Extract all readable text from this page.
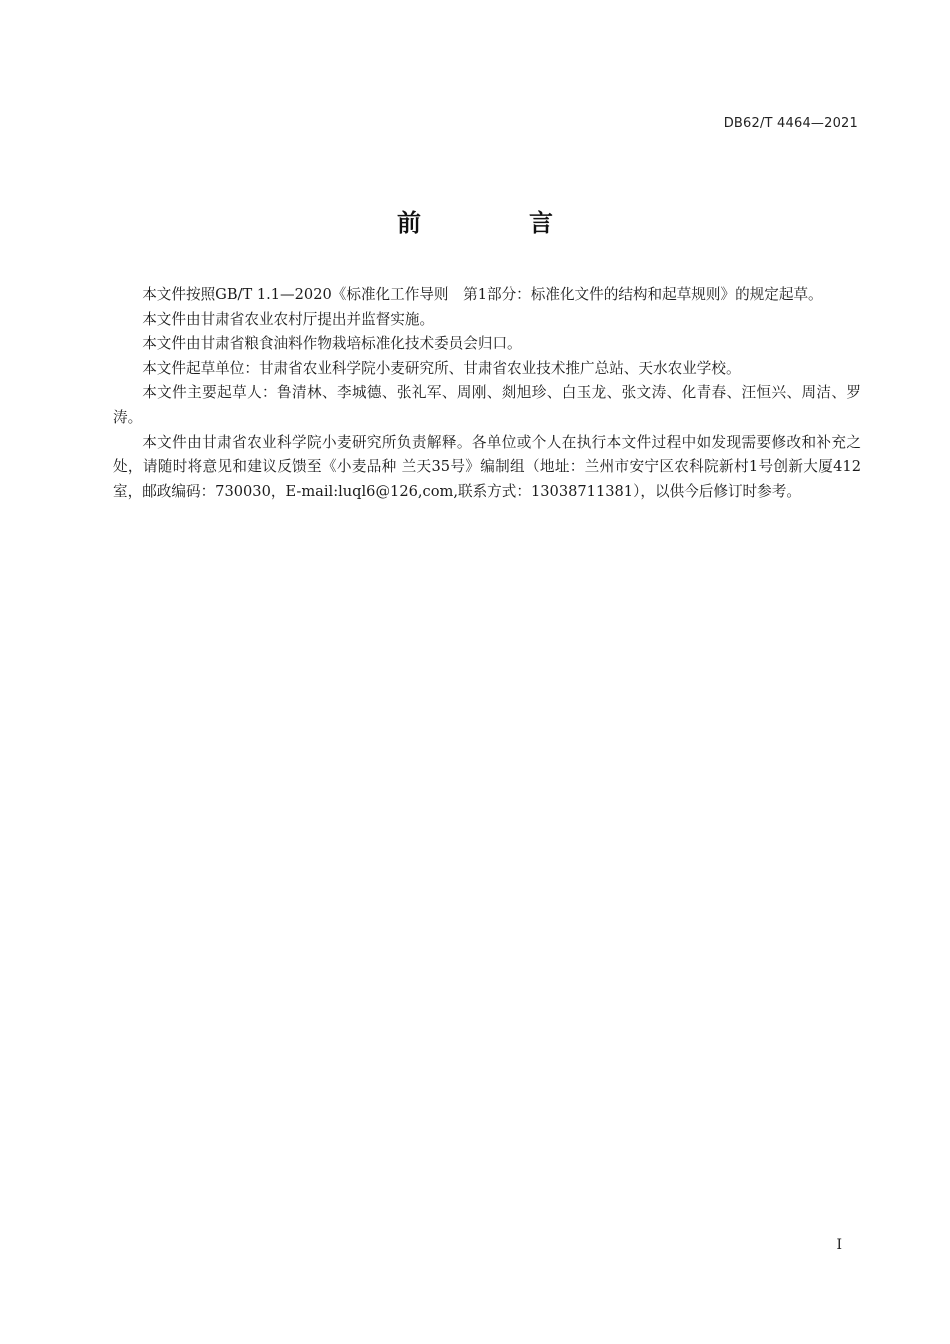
DB62/T 4464—2021
前　言

本文件按照GB/T 1.1—2020《标准化工作导则　第1部分：标准化文件的结构和起草规则》的规定起草。

本文件由甘肃省农业农村厅提出并监督实施。

本文件由甘肃省粮食油料作物栽培标准化技术委员会归口。

本文件起草单位：甘肃省农业科学院小麦研究所、甘肃省农业技术推广总站、天水农业学校。

本文件主要起草人：鲁清林、李城德、张礼军、周刚、剡旭珍、白玉龙、张文涛、化青春、汪恒兴、周洁、罗涛。

本文件由甘肃省农业科学院小麦研究所负责解释。各单位或个人在执行本文件过程中如发现需要修改和补充之处，请随时将意见和建议反馈至《小麦品种 兰天35号》编制组（地址：兰州市安宁区农科院新村1号创新大厦412室，邮政编码：730030，E-mail:luql6@126,com,联系方式：13038711381），以供今后修订时参考。

I
